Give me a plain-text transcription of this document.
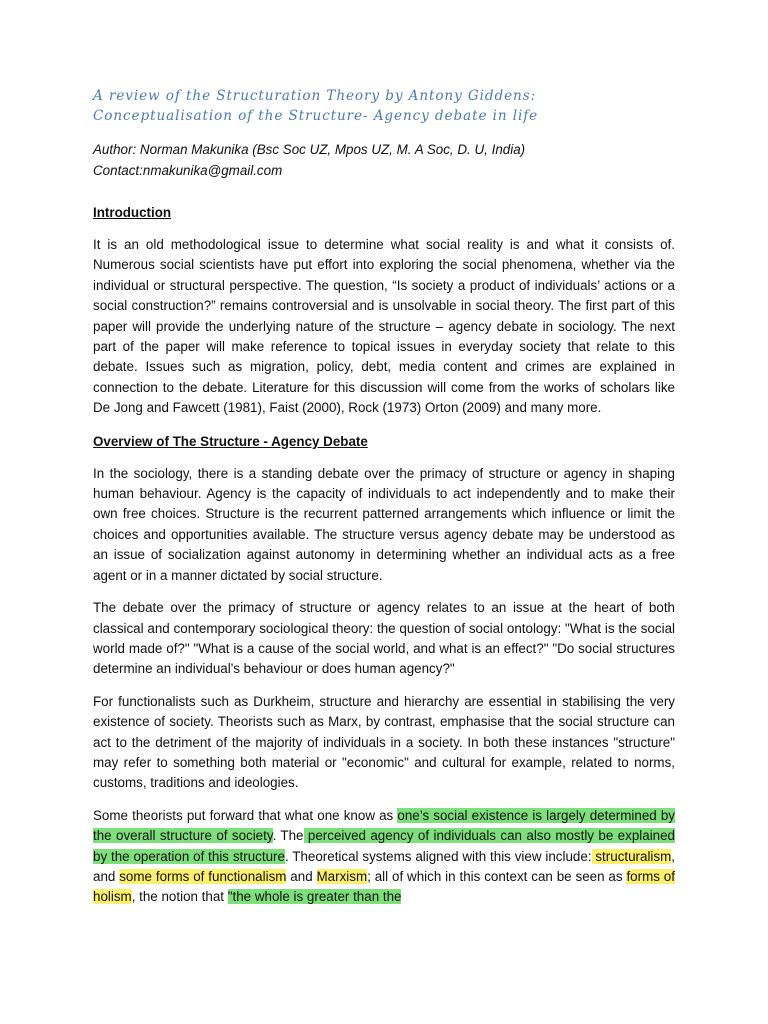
A review of the Structuration Theory by Antony Giddens: Conceptualisation of the Structure- Agency debate in life

Author: Norman Makunika (Bsc Soc UZ, Mpos UZ, M. A Soc, D. U, India)

Contact:nmakunika@gmail.com

Introduction

It is an old methodological issue to determine what social reality is and what it consists of. Numerous social scientists have put effort into exploring the social phenomena, whether via the individual or structural perspective. The question, “Is society a product of individuals’ actions or a social construction?” remains controversial and is unsolvable in social theory. The first part of this paper will provide the underlying nature of the structure – agency debate in sociology. The next part of the paper will make reference to topical issues in everyday society that relate to this debate. Issues such as migration, policy, debt, media content and crimes are explained in connection to the debate. Literature for this discussion will come from the works of scholars like De Jong and Fawcett (1981), Faist (2000), Rock (1973) Orton (2009) and many more.

Overview of The Structure - Agency Debate

In the sociology, there is a standing debate over the primacy of structure or agency in shaping human behaviour. Agency is the capacity of individuals to act independently and to make their own free choices. Structure is the recurrent patterned arrangements which influence or limit the choices and opportunities available. The structure versus agency debate may be understood as an issue of socialization against autonomy in determining whether an individual acts as a free agent or in a manner dictated by social structure.

The debate over the primacy of structure or agency relates to an issue at the heart of both classical and contemporary sociological theory: the question of social ontology: "What is the social world made of?" "What is a cause of the social world, and what is an effect?" "Do social structures determine an individual's behaviour or does human agency?"

For functionalists such as Durkheim, structure and hierarchy are essential in stabilising the very existence of society. Theorists such as Marx, by contrast, emphasise that the social structure can act to the detriment of the majority of individuals in a society. In both these instances "structure" may refer to something both material or "economic" and cultural for example, related to norms, customs, traditions and ideologies.

Some theorists put forward that what one know as one’s social existence is largely determined by the overall structure of society. The perceived agency of individuals can also mostly be explained by the operation of this structure. Theoretical systems aligned with this view include: structuralism, and some forms of functionalism and Marxism; all of which in this context can be seen as forms of holism, the notion that "the whole is greater than the
